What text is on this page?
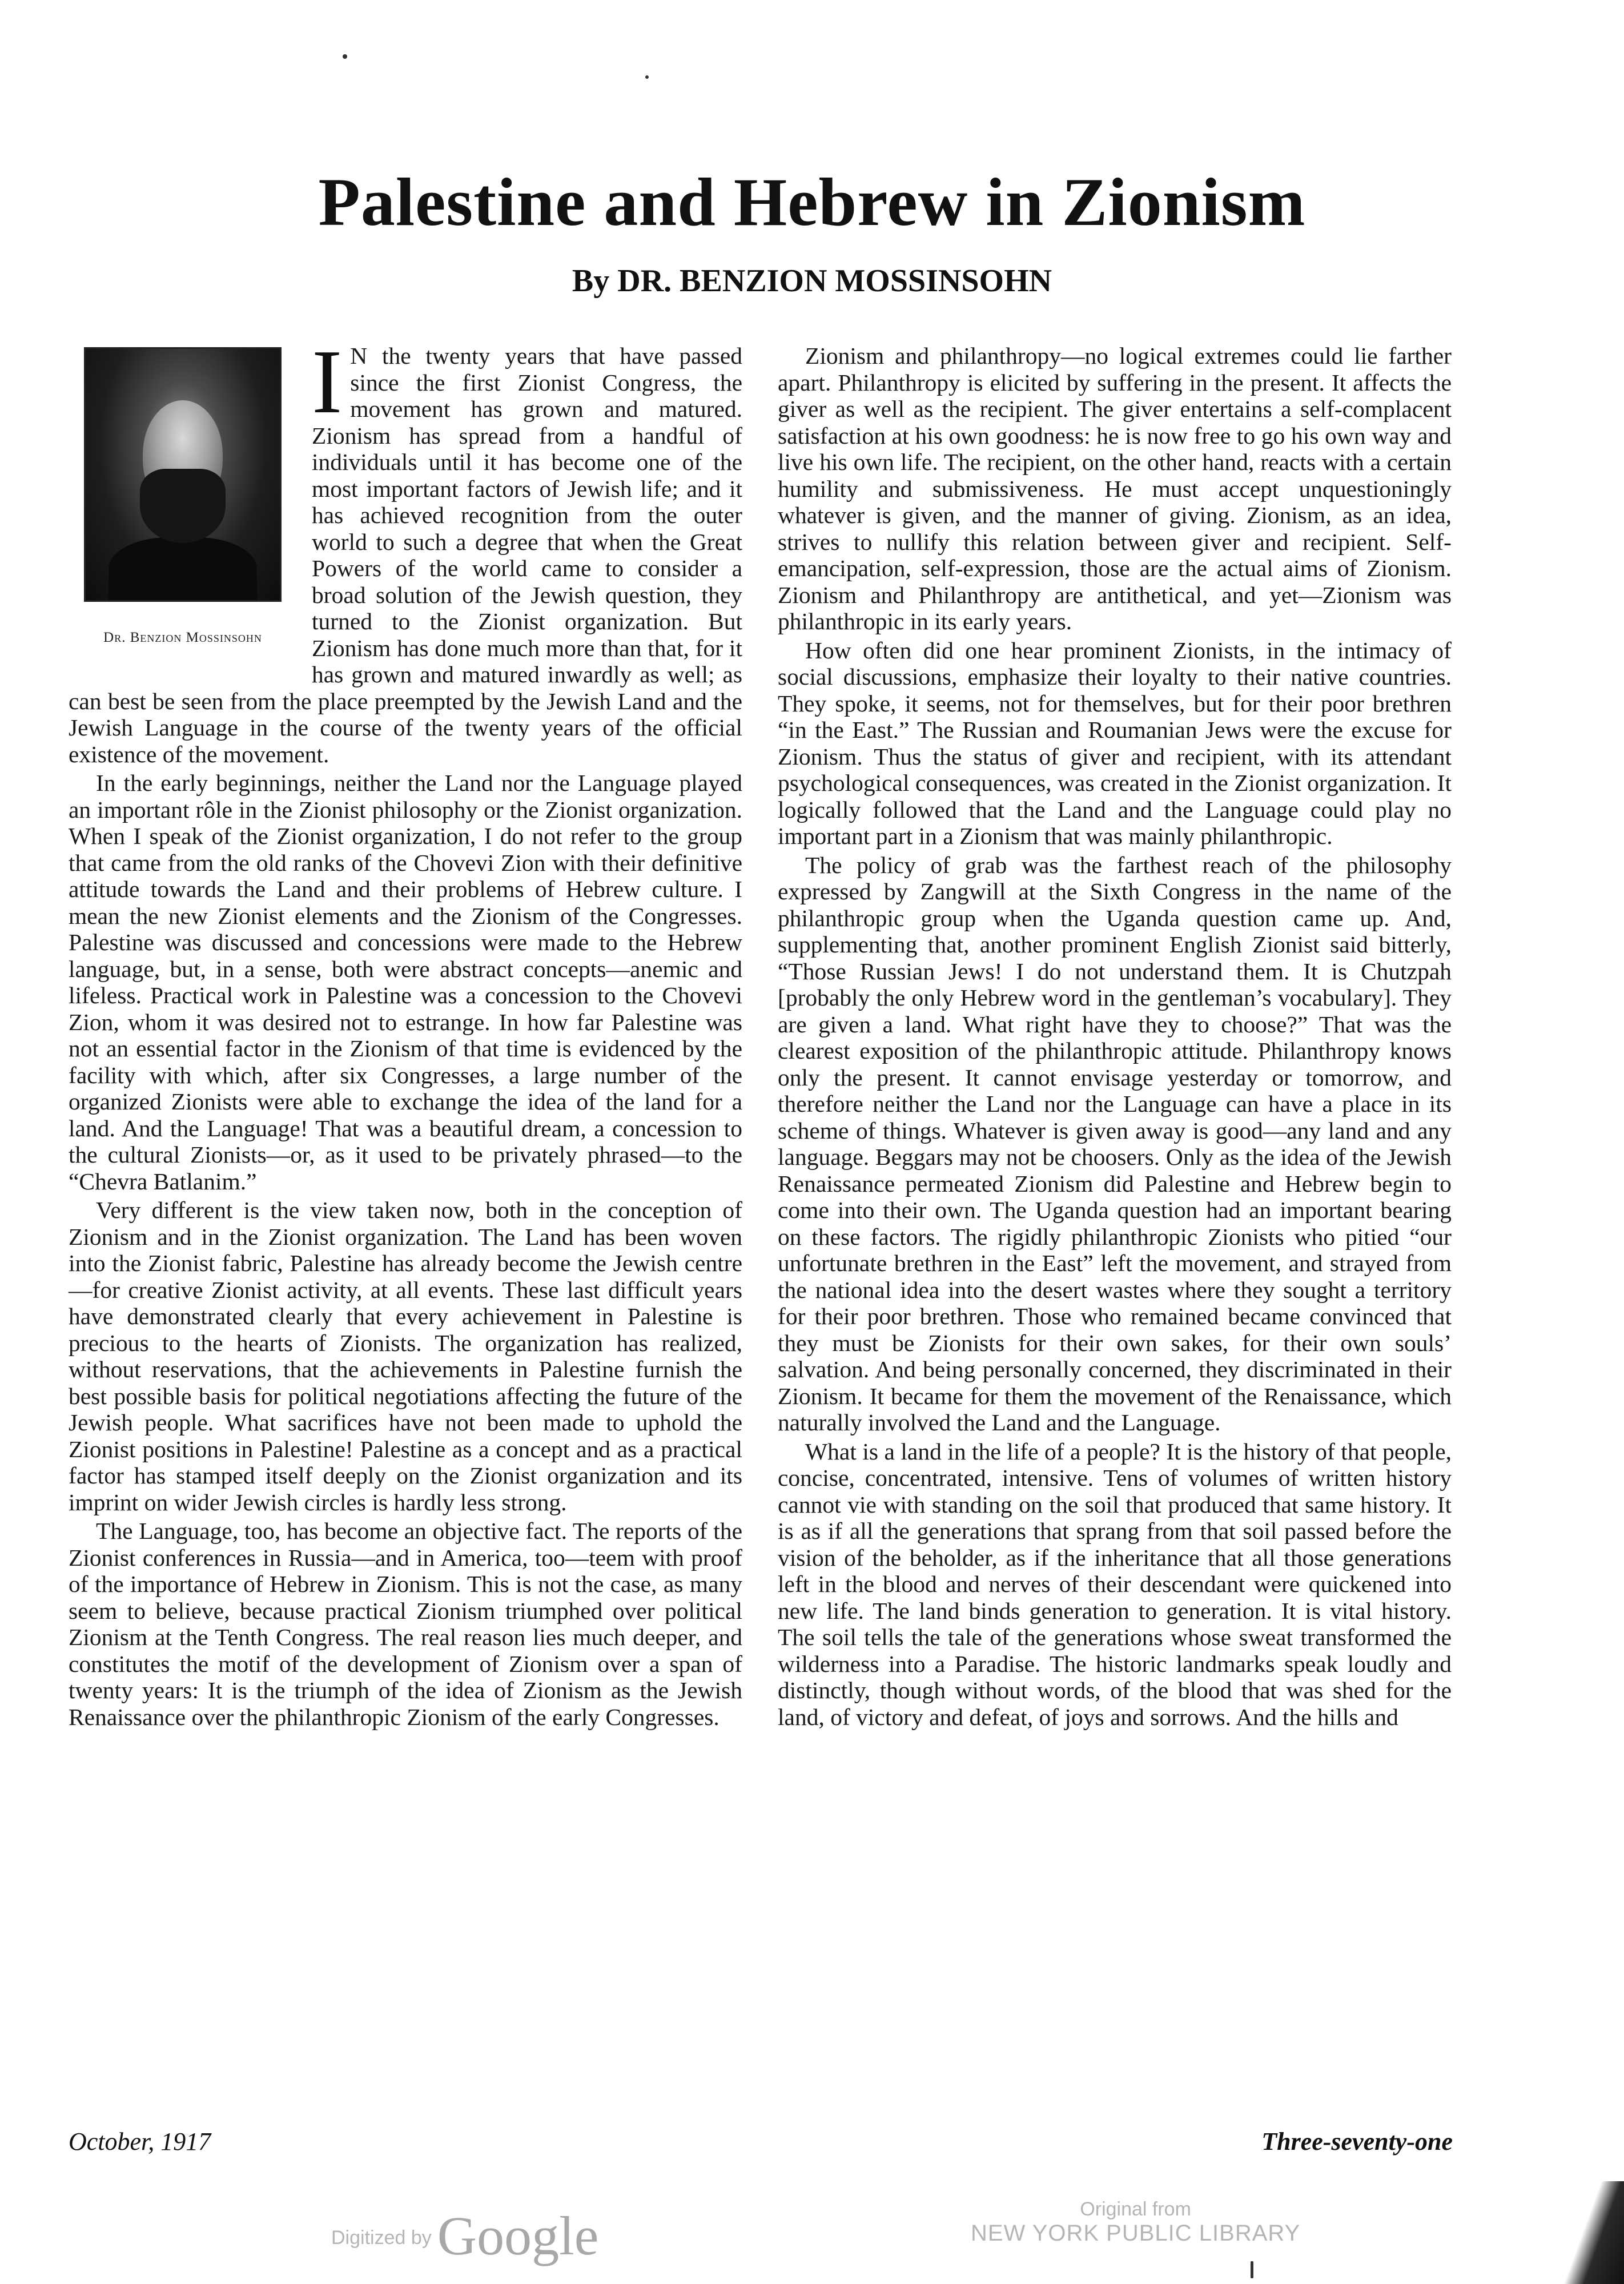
Palestine and Hebrew in Zionism
By DR. BENZION MOSSINSOHN
Dr. Benzion Mossinsohn

I N the twenty years that have passed since the first Zionist Congress, the movement has grown and matured. Zionism has spread from a handful of individuals until it has become one of the most important factors of Jewish life; and it has achieved recognition from the outer world to such a degree that when the Great Powers of the world came to consider a broad solution of the Jewish question, they turned to the Zionist organization. But Zionism has done much more than that, for it has grown and matured inwardly as well; as can best be seen from the place preempted by the Jewish Land and the Jewish Language in the course of the twenty years of the official existence of the movement.

In the early beginnings, neither the Land nor the Language played an important rôle in the Zionist philosophy or the Zionist organization. When I speak of the Zionist organization, I do not refer to the group that came from the old ranks of the Chovevi Zion with their definitive attitude towards the Land and their problems of Hebrew culture. I mean the new Zionist elements and the Zionism of the Congresses. Palestine was discussed and concessions were made to the Hebrew language, but, in a sense, both were abstract concepts—anemic and lifeless. Practical work in Palestine was a concession to the Chovevi Zion, whom it was desired not to estrange. In how far Palestine was not an essential factor in the Zionism of that time is evidenced by the facility with which, after six Congresses, a large number of the organized Zionists were able to exchange the idea of the land for a land. And the Language! That was a beautiful dream, a concession to the cultural Zionists—or, as it used to be privately phrased—to the “Chevra Batlanim.”

Very different is the view taken now, both in the conception of Zionism and in the Zionist organization. The Land has been woven into the Zionist fabric, Palestine has already become the Jewish centre—for creative Zionist activity, at all events. These last difficult years have demonstrated clearly that every achievement in Palestine is precious to the hearts of Zionists. The organization has realized, without reservations, that the achievements in Palestine furnish the best possible basis for political negotiations affecting the future of the Jewish people. What sacrifices have not been made to uphold the Zionist positions in Palestine! Palestine as a concept and as a practical factor has stamped itself deeply on the Zionist organization and its imprint on wider Jewish circles is hardly less strong.

The Language, too, has become an objective fact. The reports of the Zionist conferences in Russia—and in America, too—teem with proof of the importance of Hebrew in Zionism. This is not the case, as many seem to believe, because practical Zionism triumphed over political Zionism at the Tenth Congress. The real reason lies much deeper, and constitutes the motif of the development of Zionism over a span of twenty years: It is the triumph of the idea of Zionism as the Jewish Renaissance over the philanthropic Zionism of the early Congresses.

Zionism and philanthropy—no logical extremes could lie farther apart. Philanthropy is elicited by suffering in the present. It affects the giver as well as the recipient. The giver entertains a self-complacent satisfaction at his own goodness: he is now free to go his own way and live his own life. The recipient, on the other hand, reacts with a certain humility and submissiveness. He must accept unquestioningly whatever is given, and the manner of giving. Zionism, as an idea, strives to nullify this relation between giver and recipient. Self-emancipation, self-expression, those are the actual aims of Zionism. Zionism and Philanthropy are antithetical, and yet—Zionism was philanthropic in its early years.

How often did one hear prominent Zionists, in the intimacy of social discussions, emphasize their loyalty to their native countries. They spoke, it seems, not for themselves, but for their poor brethren “in the East.” The Russian and Roumanian Jews were the excuse for Zionism. Thus the status of giver and recipient, with its attendant psychological consequences, was created in the Zionist organization. It logically followed that the Land and the Language could play no important part in a Zionism that was mainly philanthropic.

The policy of grab was the farthest reach of the philosophy expressed by Zangwill at the Sixth Congress in the name of the philanthropic group when the Uganda question came up. And, supplementing that, another prominent English Zionist said bitterly, “Those Russian Jews! I do not understand them. It is Chutzpah [probably the only Hebrew word in the gentleman’s vocabulary]. They are given a land. What right have they to choose?” That was the clearest exposition of the philanthropic attitude. Philanthropy knows only the present. It cannot envisage yesterday or tomorrow, and therefore neither the Land nor the Language can have a place in its scheme of things. Whatever is given away is good—any land and any language. Beggars may not be choosers. Only as the idea of the Jewish Renaissance permeated Zionism did Palestine and Hebrew begin to come into their own. The Uganda question had an important bearing on these factors. The rigidly philanthropic Zionists who pitied “our unfortunate brethren in the East” left the movement, and strayed from the national idea into the desert wastes where they sought a territory for their poor brethren. Those who remained became convinced that they must be Zionists for their own sakes, for their own souls’ salvation. And being personally concerned, they discriminated in their Zionism. It became for them the movement of the Renaissance, which naturally involved the Land and the Language.

What is a land in the life of a people? It is the history of that people, concise, concentrated, intensive. Tens of volumes of written history cannot vie with standing on the soil that produced that same history. It is as if all the generations that sprang from that soil passed before the vision of the beholder, as if the inheritance that all those generations left in the blood and nerves of their descendant were quickened into new life. The land binds generation to generation. It is vital history. The soil tells the tale of the generations whose sweat transformed the wilderness into a Paradise. The historic landmarks speak loudly and distinctly, though without words, of the blood that was shed for the land, of victory and defeat, of joys and sorrows. And the hills and

October, 1917	Three-seventy-one
Digitized by Google	Original from
NEW YORK PUBLIC LIBRARY
